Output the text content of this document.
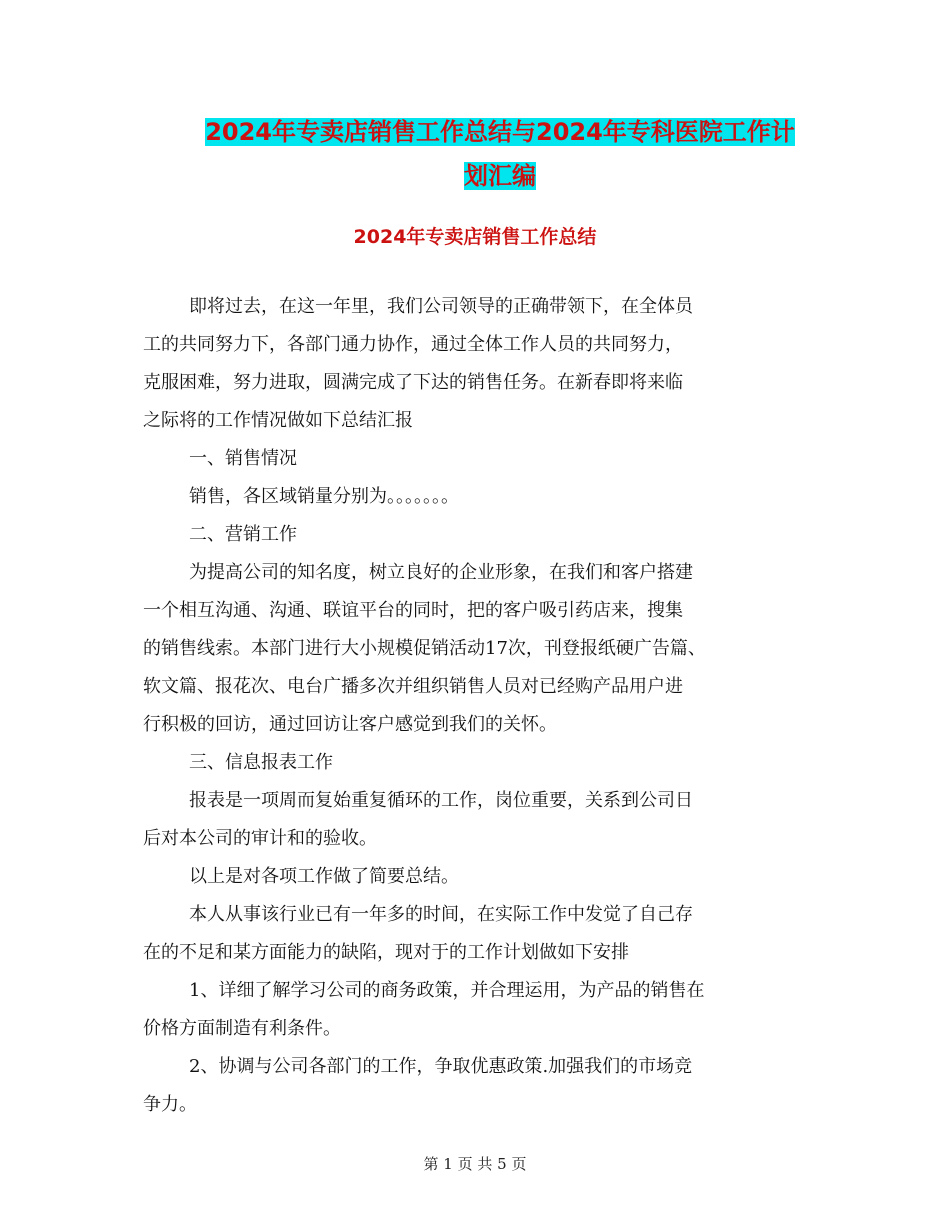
2024年专卖店销售工作总结与2024年专科医院工作计
划汇编
2024年专卖店销售工作总结

即将过去，在这一年里，我们公司领导的正确带领下，在全体员

工的共同努力下，各部门通力协作，通过全体工作人员的共同努力，

克服困难，努力进取，圆满完成了下达的销售任务。在新春即将来临

之际将的工作情况做如下总结汇报

一、销售情况

销售，各区域销量分别为。。。。。。。

二、营销工作

为提高公司的知名度，树立良好的企业形象，在我们和客户搭建

一个相互沟通、沟通、联谊平台的同时，把的客户吸引药店来，搜集

的销售线索。本部门进行大小规模促销活动17次，刊登报纸硬广告篇、

软文篇、报花次、电台广播多次并组织销售人员对已经购产品用户进

行积极的回访，通过回访让客户感觉到我们的关怀。

三、信息报表工作

报表是一项周而复始重复循环的工作，岗位重要，关系到公司日

后对本公司的审计和的验收。

以上是对各项工作做了简要总结。

本人从事该行业已有一年多的时间，在实际工作中发觉了自己存

在的不足和某方面能力的缺陷，现对于的工作计划做如下安排

1、详细了解学习公司的商务政策，并合理运用，为产品的销售在

价格方面制造有利条件。

2、协调与公司各部门的工作，争取优惠政策.加强我们的市场竞

争力。

第 1 页 共 5 页
